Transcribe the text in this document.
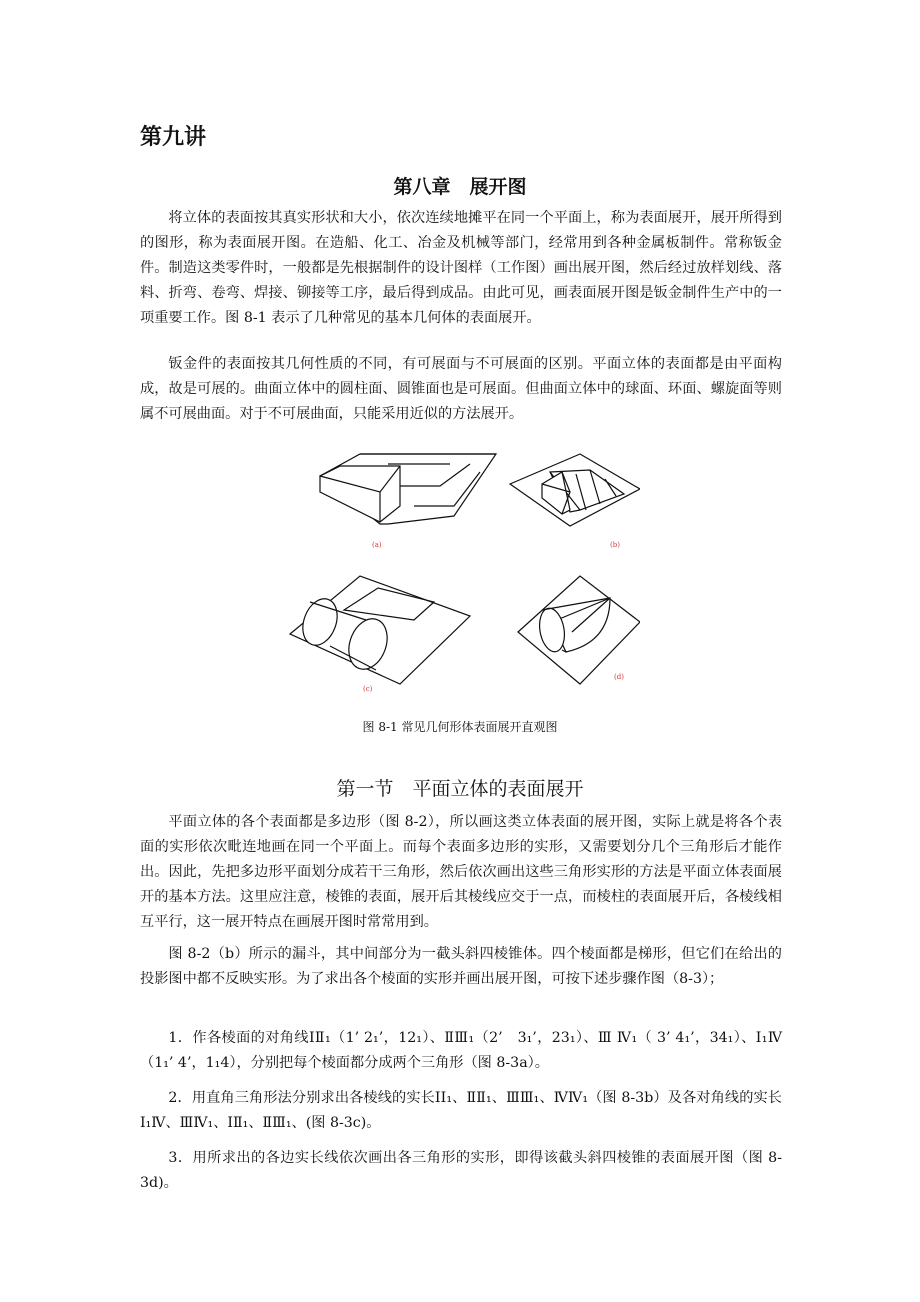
第九讲
第八章　展开图

将立体的表面按其真实形状和大小，依次连续地摊平在同一个平面上，称为表面展开，展开所得到的图形，称为表面展开图。在造船、化工、冶金及机械等部门，经常用到各种金属板制件。常称钣金件。制造这类零件时，一般都是先根据制件的设计图样（工作图）画出展开图，然后经过放样划线、落料、折弯、卷弯、焊接、铆接等工序，最后得到成品。由此可见，画表面展开图是钣金制件生产中的一项重要工作。图 8-1 表示了几种常见的基本几何体的表面展开。

钣金件的表面按其几何性质的不同，有可展面与不可展面的区别。平面立体的表面都是由平面构成，故是可展的。曲面立体中的圆柱面、圆锥面也是可展面。但曲面立体中的球面、环面、螺旋面等则属不可展曲面。对于不可展曲面，只能采用近似的方法展开。

(a)	(b)
(c)
(d)
图 8-1 常见几何形体表面展开直观图
第一节　平面立体的表面展开

平面立体的各个表面都是多边形（图 8-2），所以画这类立体表面的展开图，实际上就是将各个表面的实形依次毗连地画在同一个平面上。而每个表面多边形的实形，又需要划分几个三角形后才能作出。因此，先把多边形平面划分成若干三角形，然后依次画出这些三角形实形的方法是平面立体表面展开的基本方法。这里应注意，棱锥的表面，展开后其棱线应交于一点，而棱柱的表面展开后，各棱线相互平行，这一展开特点在画展开图时常常用到。

图 8-2（b）所示的漏斗，其中间部分为一截头斜四棱锥体。四个棱面都是梯形，但它们在给出的投影图中都不反映实形。为了求出各个棱面的实形并画出展开图，可按下述步骤作图（8-3）；

1．作各棱面的对角线ⅠⅡ₁（1’ 2₁’，12₁）、ⅡⅢ₁（2’　3₁’，23₁）、Ⅲ Ⅳ₁（ 3’ 4₁’，34₁）、Ⅰ₁Ⅳ （1₁’ 4’，1₁4），分别把每个棱面都分成两个三角形（图 8-3a）。

2．用直角三角形法分别求出各棱线的实长ⅠⅠ₁、ⅡⅡ₁、ⅢⅢ₁、ⅣⅣ₁（图 8-3b）及各对角线的实长Ⅰ₁Ⅳ、ⅢⅣ₁、ⅠⅡ₁、ⅡⅢ₁、(图 8-3c)。

3．用所求出的各边实长线依次画出各三角形的实形，即得该截头斜四棱锥的表面展开图（图 8-3d)。
